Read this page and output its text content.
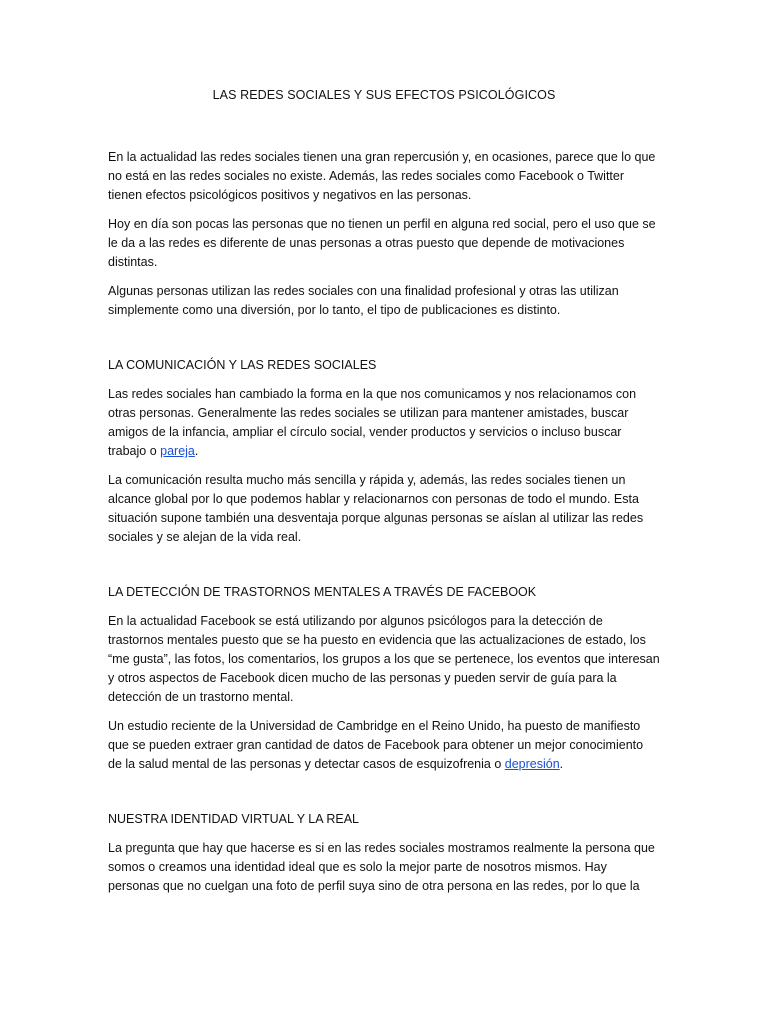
LAS REDES SOCIALES Y SUS EFECTOS PSICOLÓGICOS

En la actualidad las redes sociales tienen una gran repercusión y, en ocasiones, parece que lo que no está en las redes sociales no existe. Además, las redes sociales como Facebook o Twitter tienen efectos psicológicos positivos y negativos en las personas.

Hoy en día son pocas las personas que no tienen un perfil en alguna red social, pero el uso que se le da a las redes es diferente de unas personas a otras puesto que depende de motivaciones distintas.

Algunas personas utilizan las redes sociales con una finalidad profesional y otras las utilizan simplemente como una diversión, por lo tanto, el tipo de publicaciones es distinto.

LA COMUNICACIÓN Y LAS REDES SOCIALES

Las redes sociales han cambiado la forma en la que nos comunicamos y nos relacionamos con otras personas. Generalmente las redes sociales se utilizan para mantener amistades, buscar amigos de la infancia, ampliar el círculo social, vender productos y servicios o incluso buscar trabajo o pareja.

La comunicación resulta mucho más sencilla y rápida y, además, las redes sociales tienen un alcance global por lo que podemos hablar y relacionarnos con personas de todo el mundo. Esta situación supone también una desventaja porque algunas personas se aíslan al utilizar las redes sociales y se alejan de la vida real.

LA DETECCIÓN DE TRASTORNOS MENTALES A TRAVÉS DE FACEBOOK

En la actualidad Facebook se está utilizando por algunos psicólogos para la detección de trastornos mentales puesto que se ha puesto en evidencia que las actualizaciones de estado, los “me gusta”, las fotos, los comentarios, los grupos a los que se pertenece, los eventos que interesan y otros aspectos de Facebook dicen mucho de las personas y pueden servir de guía para la detección de un trastorno mental.

Un estudio reciente de la Universidad de Cambridge en el Reino Unido, ha puesto de manifiesto que se pueden extraer gran cantidad de datos de Facebook para obtener un mejor conocimiento de la salud mental de las personas y detectar casos de esquizofrenia o depresión.

NUESTRA IDENTIDAD VIRTUAL Y LA REAL

La pregunta que hay que hacerse es si en las redes sociales mostramos realmente la persona que somos o creamos una identidad ideal que es solo la mejor parte de nosotros mismos. Hay personas que no cuelgan una foto de perfil suya sino de otra persona en las redes, por lo que la
